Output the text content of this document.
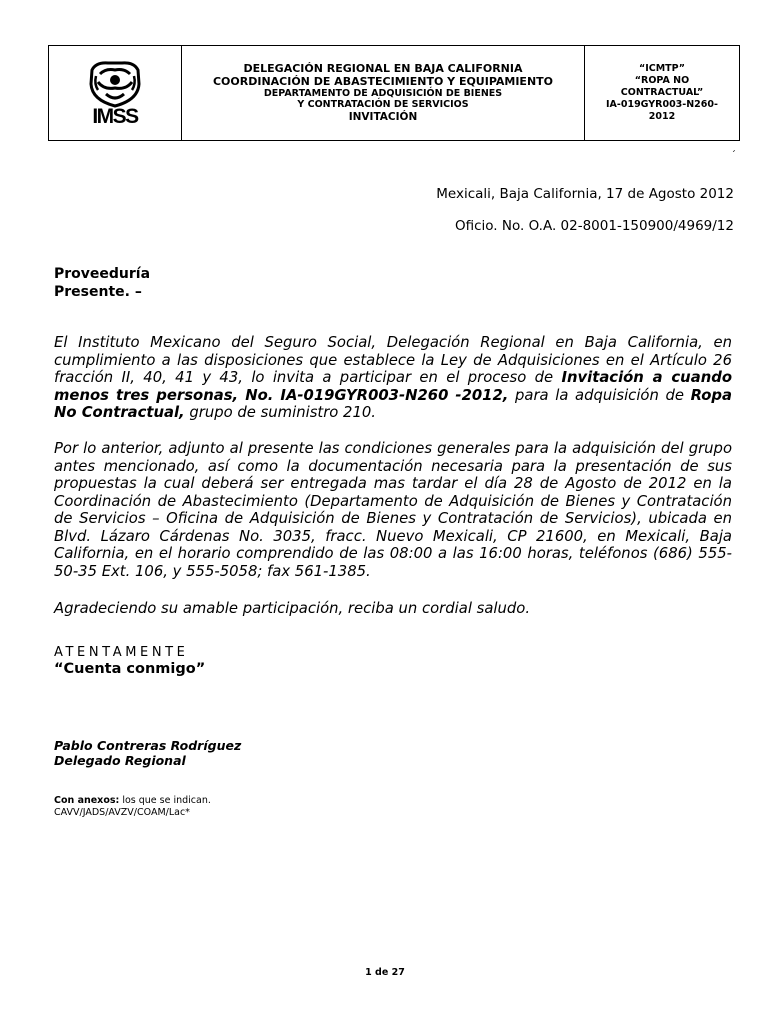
IMSS
DELEGACIÓN REGIONAL EN BAJA CALIFORNIA
COORDINACIÓN DE ABASTECIMIENTO Y EQUIPAMIENTO
DEPARTAMENTO DE ADQUISICIÓN DE BIENES
Y CONTRATACIÓN DE SERVICIOS
INVITACIÓN
“ICMTP”
“ROPA NO
CONTRACTUAL”
IA-019GYR003-N260-
2012
´
Mexicali, Baja California, 17 de Agosto 2012
Oficio. No. O.A. 02-8001-150900/4969/12
Proveeduría
Presente. –

El Instituto Mexicano del Seguro Social, Delegación Regional en Baja California, en cumplimiento a las disposiciones que establece la Ley de Adquisiciones en el Artículo 26 fracción II, 40, 41 y 43, lo invita a participar en el proceso de Invitación a cuando menos tres personas, No. IA-019GYR003-N260 -2012, para la adquisición de Ropa No Contractual, grupo de suministro 210.

Por lo anterior, adjunto al presente las condiciones generales para la adquisición del grupo antes mencionado, así como la documentación necesaria para la presentación de sus propuestas la cual deberá ser entregada mas tardar el día 28 de Agosto de 2012 en la Coordinación de Abastecimiento (Departamento de Adquisición de Bienes y Contratación de Servicios – Oficina de Adquisición de Bienes y Contratación de Servicios), ubicada en Blvd. Lázaro Cárdenas No. 3035, fracc. Nuevo Mexicali, CP 21600, en Mexicali, Baja California, en el horario comprendido de las 08:00 a las 16:00 horas, teléfonos (686) 555-50-35 Ext. 106, y 555-5058; fax 561-1385.

Agradeciendo su amable participación, reciba un cordial saludo.

ATENTAMENTE
“Cuenta conmigo”
Pablo Contreras Rodríguez
Delegado Regional
Con anexos: los que se indican.
CAVV/JADS/AVZV/COAM/Lac*
1 de 27
